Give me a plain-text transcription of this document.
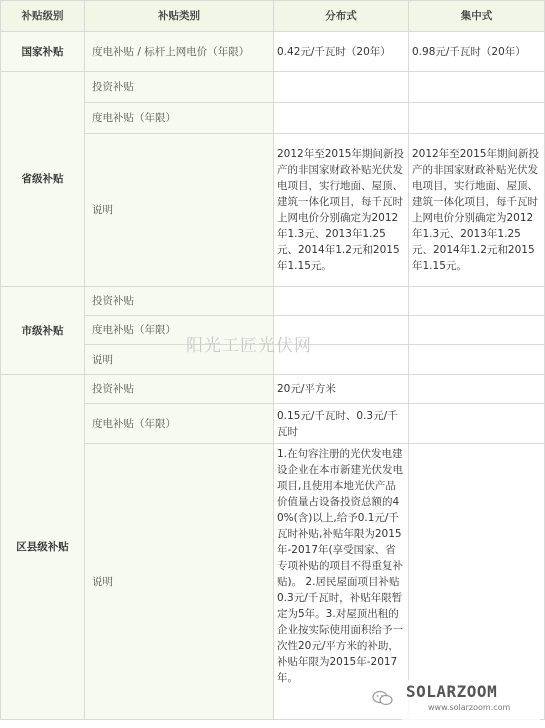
补贴级别	补贴类别	分布式	集中式
国家补贴	度电补贴 / 标杆上网电价（年限）	0.42元/千瓦时（20年）	0.98元/千瓦时（20年）
省级补贴	投资补贴		
	度电补贴（年限）		
	说明	2012年至2015年期间新投产的非国家财政补贴光伏发电项目，实行地面、屋顶、建筑一体化项目，每千瓦时上网电价分别确定为2012年1.3元、2013年1.25元、2014年1.2元和2015年1.15元。	2012年至2015年期间新投产的非国家财政补贴光伏发电项目，实行地面、屋顶、建筑一体化项目，每千瓦时上网电价分别确定为2012年1.3元、2013年1.25元、2014年1.2元和2015年1.15元。
市级补贴	投资补贴		
	度电补贴（年限）		
	说明		
区县级补贴	投资补贴	20元/平方米	
	度电补贴（年限）	0.15元/千瓦时、0.3元/千瓦时	
	说明	1.在句容注册的光伏发电建设企业在本市新建光伏发电项目,且使用本地光伏产品价值量占设备投资总额的40%(含)以上,给予0.1元/千瓦时补贴,补贴年限为2015年-2017年(享受国家、省专项补贴的项目不得重复补贴)。 2.居民屋面项目补贴0.3元/千瓦时，补贴年限暂定为5年。3.对屋顶出租的企业按实际使用面积给予一次性20元/平方米的补助，补贴年限为2015年-2017年。	
阳光工匠光伏网
SOLARZOOM
www.solarzoom.com
